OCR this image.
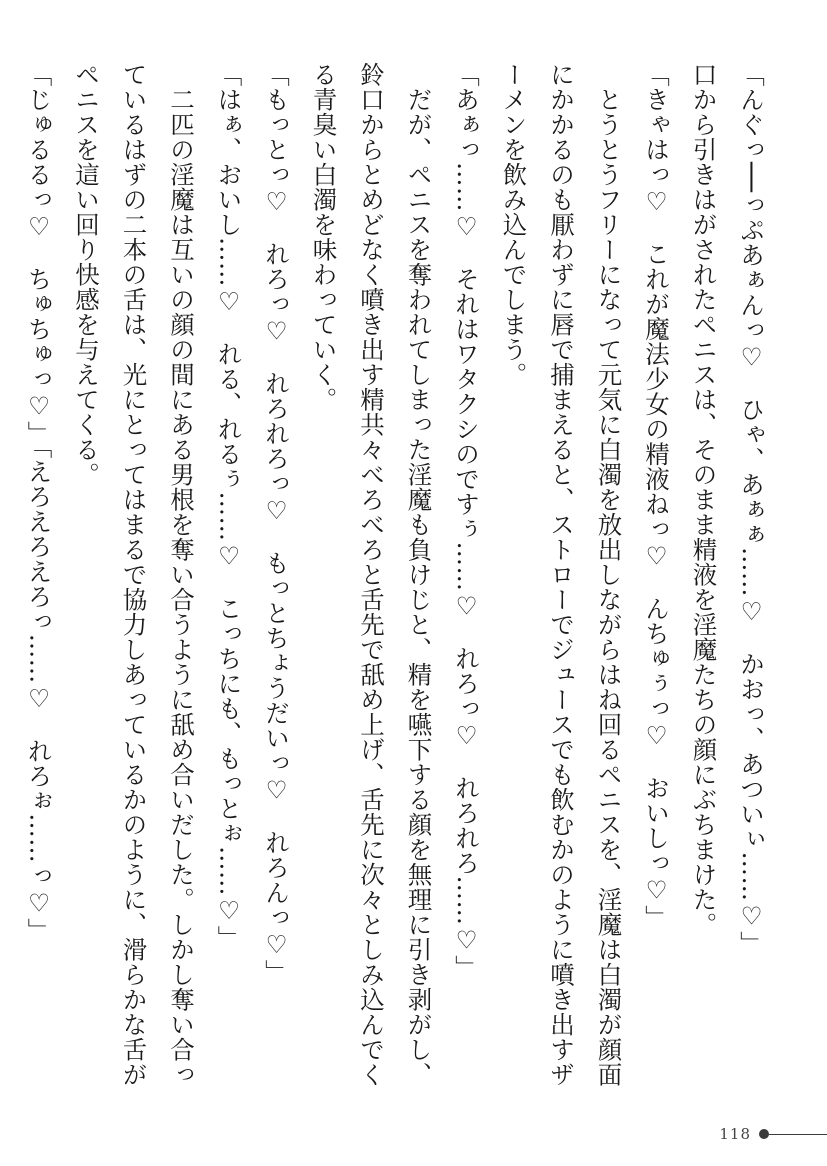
「んぐっ──っぷあぁんっ♡　ひゃ、あぁぁ……♡　かおっ、あついぃ……♡」

口から引きはがされたペニスは、そのまま精液を淫魔たちの顔にぶちまけた。

「きゃはっ♡　これが魔法少女の精液ねっ♡　んちゅぅっ♡　おいしっ♡」

とうとうフリーになって元気に白濁を放出しながらはね回るペニスを、淫魔は白濁が顔面にかかるのも厭わずに唇で捕まえると、ストローでジュースでも飲むかのように噴き出すザーメンを飲み込んでしまう。

「あぁっ……♡　それはワタクシのですぅ……♡　れろっ♡　れろれろ……♡」

だが、ペニスを奪われてしまった淫魔も負けじと、精を嚥下する顔を無理に引き剥がし、鈴口からとめどなく噴き出す精共々べろべろと舌先で舐め上げ、舌先に次々としみ込んでくる青臭い白濁を味わっていく。

「もっとっ♡　れろっ♡　れろれろっ♡　もっとちょうだいっ♡　れろんっ♡」

「はぁ、おいし……♡　れる、れるぅ……♡　こっちにも、もっとぉ……♡」

二匹の淫魔は互いの顔の間にある男根を奪い合うように舐め合いだした。しかし奪い合っているはずの二本の舌は、光にとってはまるで協力しあっているかのように、滑らかな舌がペニスを這い回り快感を与えてくる。

「じゅるるっ♡　ちゅちゅっ♡」「えろえろえろっ……♡　れろぉ……っ♡」

118
